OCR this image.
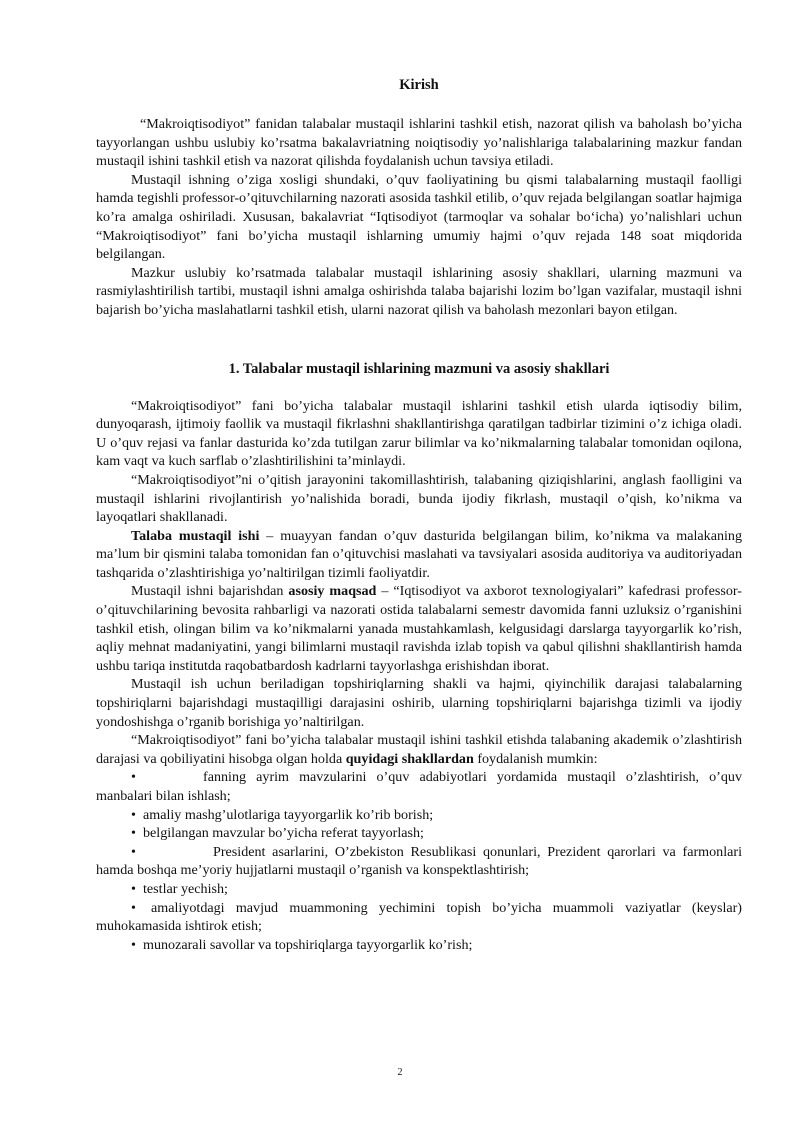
Kirish

“Makroiqtisodiyot” fanidan talabalar mustaqil ishlarini tashkil etish, nazorat qilish va baholash bo’yicha tayyorlangan ushbu uslubiy ko’rsatma bakalavriatning noiqtisodiy yo’nalishlariga talabalarining mazkur fandan mustaqil ishini tashkil etish va nazorat qilishda foydalanish uchun tavsiya etiladi.

Mustaqil ishning o’ziga xosligi shundaki, o’quv faoliyatining bu qismi talabalarning mustaqil faolligi hamda tegishli professor-o’qituvchilarning nazorati asosida tashkil etilib, o’quv rejada belgilangan soatlar hajmiga ko’ra amalga oshiriladi. Xususan, bakalavriat “Iqtisodiyot (tarmoqlar va sohalar bo‘icha) yo’nalishlari uchun “Makroiqtisodiyot” fani bo’yicha mustaqil ishlarning umumiy hajmi o’quv rejada 148 soat miqdorida belgilangan.

Mazkur uslubiy ko’rsatmada talabalar mustaqil ishlarining asosiy shakllari, ularning mazmuni va rasmiylashtirilish tartibi, mustaqil ishni amalga oshirishda talaba bajarishi lozim bo’lgan vazifalar, mustaqil ishni bajarish bo’yicha maslahatlarni tashkil etish, ularni nazorat qilish va baholash mezonlari bayon etilgan.

1. Talabalar mustaqil ishlarining mazmuni va asosiy shakllari

“Makroiqtisodiyot” fani bo’yicha talabalar mustaqil ishlarini tashkil etish ularda iqtisodiy bilim, dunyoqarash, ijtimoiy faollik va mustaqil fikrlashni shakllantirishga qaratilgan tadbirlar tizimini o’z ichiga oladi. U o’quv rejasi va fanlar dasturida ko’zda tutilgan zarur bilimlar va ko’nikmalarning talabalar tomonidan oqilona, kam vaqt va kuch sarflab o’zlashtirilishini ta’minlaydi.

“Makroiqtisodiyot”ni o’qitish jarayonini takomillashtirish, talabaning qiziqishlarini, anglash faolligini va mustaqil ishlarini rivojlantirish yo’nalishida boradi, bunda ijodiy fikrlash, mustaqil o’qish, ko’nikma va layoqatlari shakllanadi.

Talaba mustaqil ishi – muayyan fandan o’quv dasturida belgilangan bilim, ko’nikma va malakaning ma’lum bir qismini talaba tomonidan fan o’qituvchisi maslahati va tavsiyalari asosida auditoriya va auditoriyadan tashqarida o’zlashtirishiga yo’naltirilgan tizimli faoliyatdir.

Mustaqil ishni bajarishdan asosiy maqsad – “Iqtisodiyot va axborot texnologiyalari” kafedrasi professor-o’qituvchilarining bevosita rahbarligi va nazorati ostida talabalarni semestr davomida fanni uzluksiz o’rganishini tashkil etish, olingan bilim va ko’nikmalarni yanada mustahkamlash, kelgusidagi darslarga tayyorgarlik ko’rish, aqliy mehnat madaniyatini, yangi bilimlarni mustaqil ravishda izlab topish va qabul qilishni shakllantirish hamda ushbu tariqa institutda raqobatbardosh kadrlarni tayyorlashga erishishdan iborat.

Mustaqil ish uchun beriladigan topshiriqlarning shakli va hajmi, qiyinchilik darajasi talabalarning topshiriqlarni bajarishdagi mustaqilligi darajasini oshirib, ularning topshiriqlarni bajarishga tizimli va ijodiy yondoshishga o’rganib borishiga yo’naltirilgan.

“Makroiqtisodiyot” fani bo’yicha talabalar mustaqil ishini tashkil etishda talabaning akademik o’zlashtirish darajasi va qobiliyatini hisobga olgan holda quyidagi shakllardan foydalanish mumkin:

•	fanning ayrim mavzularini o’quv adabiyotlari yordamida mustaqil o’zlashtirish, o’quv manbalari bilan ishlash;
• amaliy mashg’ulotlariga tayyorgarlik ko’rib borish;
• belgilangan mavzular bo’yicha referat tayyorlash;
•	President asarlarini, O’zbekiston Resublikasi qonunlari, Prezident qarorlari va farmonlari hamda boshqa me’yoriy hujjatlarni mustaqil o’rganish va konspektlashtirish;
• testlar yechish;
• amaliyotdagi mavjud muammoning yechimini topish bo’yicha muammoli vaziyatlar (keyslar) muhokamasida ishtirok etish;
• munozarali savollar va topshiriqlarga tayyorgarlik ko’rish;
2
